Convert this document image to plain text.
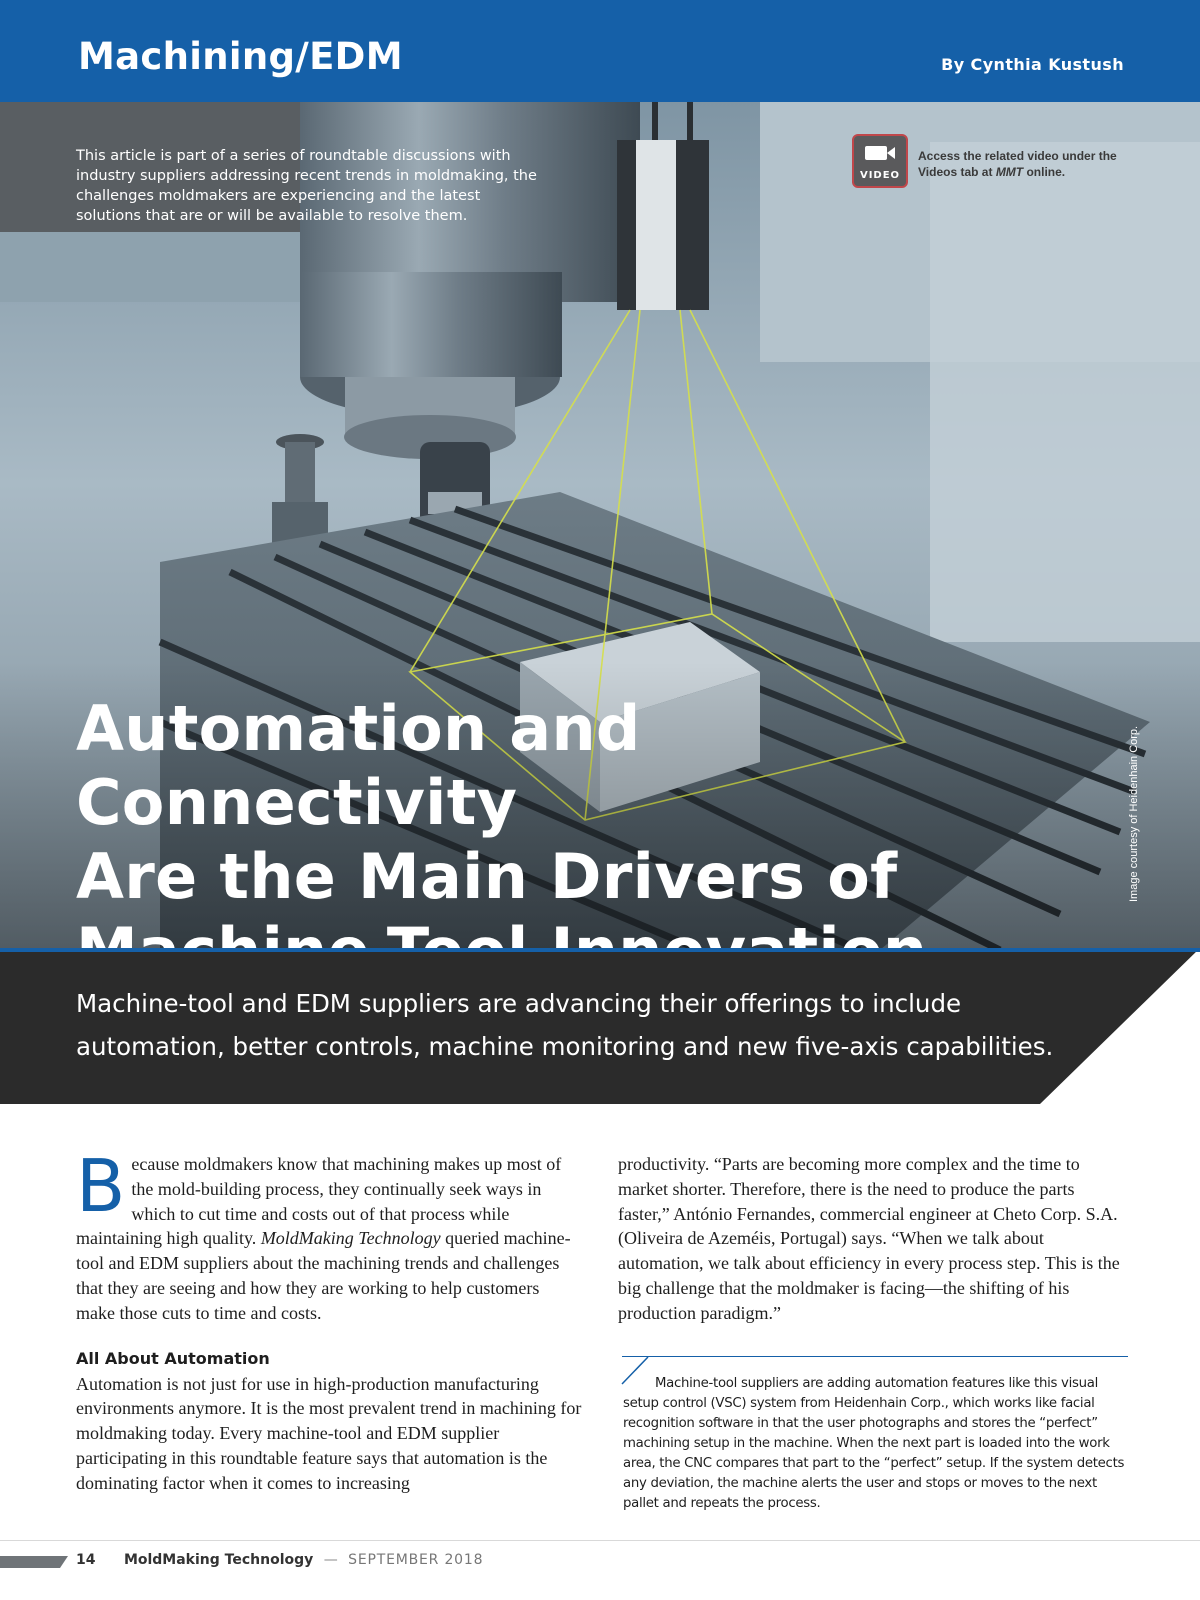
Machining/EDM	By Cynthia Kustush

This article is part of a series of roundtable discussions with industry suppliers addressing recent trends in moldmaking, the challenges moldmakers are experiencing and the latest solutions that are or will be available to resolve them.

VIDEO
Access the related video under the Videos tab at MMT online.
Automation and Connectivity
Are the Main Drivers of	Image courtesy of Heidenhain Corp.

Machine-tool and EDM suppliers are advancing their offerings to include automation, better controls, machine monitoring and new five-axis capabilities.

Because moldmakers know that machining makes up most of the mold-building process, they continually seek ways in which to cut time and costs out of that process while maintaining high quality. MoldMaking Technology queried machine-tool and EDM suppliers about the machining trends and challenges that they are seeing and how they are working to help customers make those cuts to time and costs.

All About Automation

Automation is not just for use in high-production manufacturing environments anymore. It is the most prevalent trend in machining for moldmaking today. Every machine-tool and EDM supplier participating in this roundtable feature says that automation is the dominating factor when it comes to increasing

productivity. “Parts are becoming more complex and the time to market shorter. Therefore, there is the need to produce the parts faster,” António Fernandes, commercial engineer at Cheto Corp. S.A. (Oliveira de Azeméis, Portugal) says. “When we talk about automation, we talk about efficiency in every process step. This is the big challenge that the moldmaker is facing—the shifting of his production paradigm.”

Machine-tool suppliers are adding automation features like this visual setup control (VSC) system from Heidenhain Corp., which works like facial recognition software in that the user photographs and stores the “perfect” machining setup in the machine. When the next part is loaded into the work area, the CNC compares that part to the “perfect” setup. If the system detects any deviation, the machine alerts the user and stops or moves to the next pallet and repeats the process.

14 MoldMaking Technology — SEPTEMBER 2018
